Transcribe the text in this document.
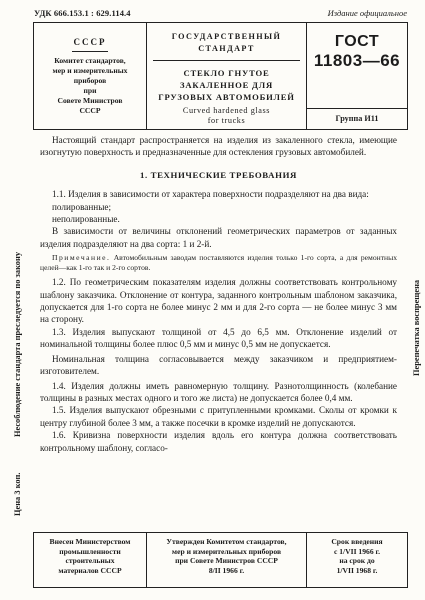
УДК 666.153.1 : 629.114.4	Издание официальное
СССР
Комитет стандартов,
мер и измерительных
приборов
при
Совете Министров
СССР
ГОСУДАРСТВЕННЫЙ
СТАНДАРТ
СТЕКЛО ГНУТОЕ
ЗАКАЛЕННОЕ ДЛЯ
ГРУЗОВЫХ АВТОМОБИЛЕЙ
Curved hardened glass
for trucks
ГОСТ
11803—66
Группа И11

Настоящий стандарт распространяется на изделия из закаленного стекла, имеющие изогнутую поверхность и предназначенные для остекления грузовых автомобилей.

1. ТЕХНИЧЕСКИЕ ТРЕБОВАНИЯ

1.1. Изделия в зависимости от характера поверхности подразделяют на два вида:

полированные;

неполированные.

В зависимости от величины отклонений геометрических параметров от заданных изделия подразделяют на два сорта: 1 и 2-й.

Примечание. Автомобильным заводам поставляются изделия только 1-го сорта, а для ремонтных целей—как 1-го так и 2-го сортов.

1.2. По геометрическим показателям изделия должны соответствовать контрольному шаблону заказчика. Отклонение от контура, заданного контрольным шаблоном заказчика, допускается для 1-го сорта не более минус 2 мм и для 2-го сорта — не более минус 3 мм на сторону.

1.3. Изделия выпускают толщиной от 4,5 до 6,5 мм. Отклонение изделий от номинальной толщины более плюс 0,5 мм и минус 0,5 мм не допускается.

Номинальная толщина согласовывается между заказчиком и предприятием-изготовителем.

1.4. Изделия должны иметь равномерную толщину. Разнотолщинность (колебание толщины в разных местах одного и того же листа) не допускается более 0,4 мм.

1.5. Изделия выпускают обрезными с притупленными кромками. Сколы от кромки к центру глубиной более 3 мм, а также посечки в кромке изделий не допускаются.

1.6. Кривизна поверхности изделия вдоль его контура должна соответствовать контрольному шаблону, согласо-

Цена 3 коп.
Несоблюдение стандарта преследуется по закону	Перепечатка воспрещена
Внесен Министерством
промышленности
строительных
материалов СССР
Утвержден Комитетом стандартов,
мер и измерительных приборов
при Совете Министров СССР
8/II 1966 г.
Срок введения
с 1/VII 1966 г.
на срок до
1/VII 1968 г.
